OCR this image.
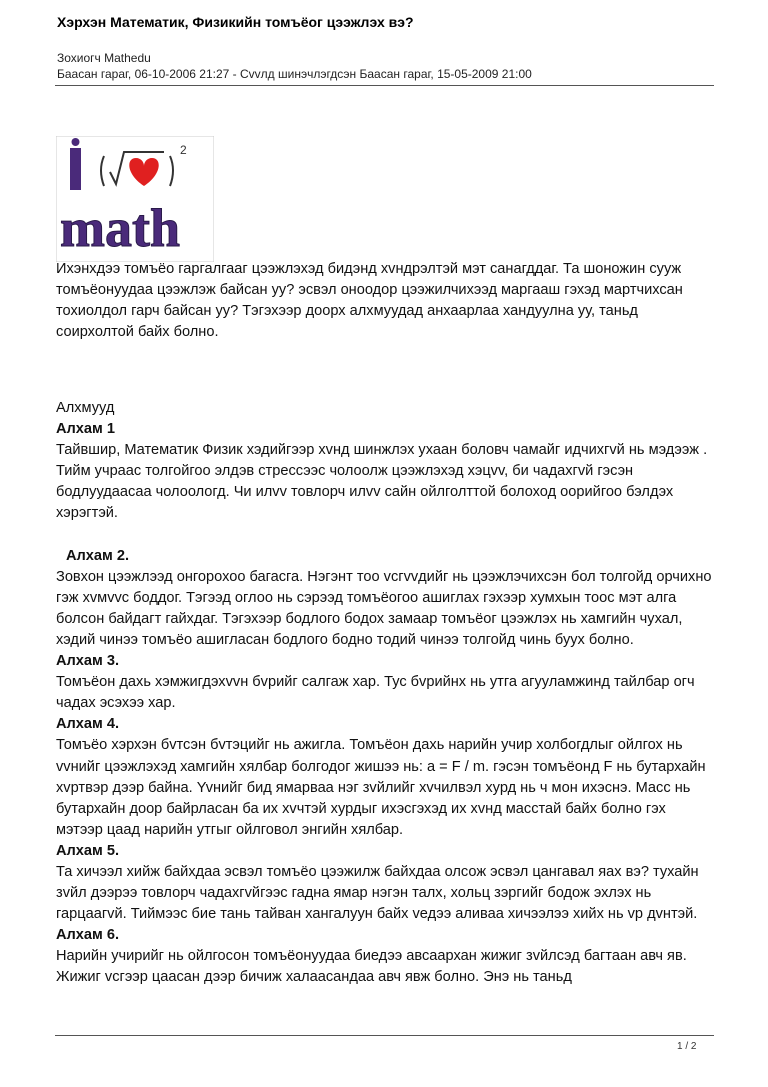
Хэрхэн Математик, Физикийн томъёог цээжлэх вэ?
Зохиогч Mathedu
Баасан гараг, 06-10-2006 21:27 - Сvvлд шинэчлэгдсэн Баасан гараг, 15-05-2009 21:00
2
math

Ихэнхдээ томъёо гаргалгааг цээжлэхэд бидэнд хvндрэлтэй мэт санагддаг. Та шоножин сууж томъёонуудаа цээжлэж байсан уу? эсвэл оноодор цээжилчихээд маргааш гэхэд мартчихсан тохиолдол гарч байсан уу? Тэгэхээр доорх алхмуудад анхаарлаа хандуулна уу, таньд соирхолтой байх болно.

Алхмууд

Алхам 1

Тайвшир, Математик Физик хэдийгээр хvнд шинжлэх ухаан боловч чамайг идчихгvй нь мэдээж . Тийм учраас толгойгоо элдэв стрессээс чолоолж цээжлэхэд хэцvv, би чадахгvй гэсэн бодлуудаасаа чолоологд. Чи илvv товлорч илvv сайн ойлголттой болоход оорийгоо бэлдэх хэрэгтэй.

Алхам 2.

Зовхон цээжлээд онгорохоо багасга. Нэгэнт тоо vсгvvдийг нь цээжлэчихсэн бол толгойд орчихно гэж хvмvvс боддог. Тэгээд оглоо нь сэрээд томъёогоо ашиглах гэхээр хумхын тоос мэт алга болсон байдагт гайхдаг. Тэгэхээр бодлого бодох замаар томъёог цээжлэх нь хамгийн чухал, хэдий чинээ томъёо ашигласан бодлого бодно тодий чинээ толгойд чинь буух болно.

Алхам 3.

Томъёон дахь хэмжигдэхvvн бvрийг салгаж хар. Тус бvрийнх нь утга агууламжинд тайлбар огч чадах эсэхээ хар.

Алхам 4.

Томъёо хэрхэн бvтсэн бvтэцийг нь ажигла. Томъёон дахь нарийн учир холбогдлыг ойлгох нь vvнийг цээжлэхэд хамгийн хялбар болгодог жишээ нь: a = F / m. гэсэн томъёонд F нь бутархайн хvртвэр дээр байна. Yvнийг бид ямарваа нэг зvйлийг хvчилвэл хурд нь ч мон ихэснэ. Масс нь бутархайн доор байрласан ба их хvчтэй хурдыг ихэсгэхэд их хvнд масстай байх болно гэх мэтээр цаад нарийн утгыг ойлговол энгийн хялбар.

Алхам 5.

Та хичээл хийж байхдаа эсвэл томъёо цээжилж байхдаа олсож эсвэл цангавал яах вэ? тухайн зvйл дээрээ товлорч чадахгvйгээс гадна ямар нэгэн талх, хольц зэргийг бодож эхлэх нь гарцаагvй. Тиймээс бие тань тайван хангалуун байх vедээ аливаа хичээлээ хийх нь vр дvнтэй.

Алхам 6.

Нарийн учирийг нь ойлгосон томъёонуудаа биедээ авсаархан жижиг зvйлсэд багтаан авч яв. Жижиг vсгээр цаасан дээр бичиж халаасандаа авч явж болно. Энэ нь таньд

1 / 2
